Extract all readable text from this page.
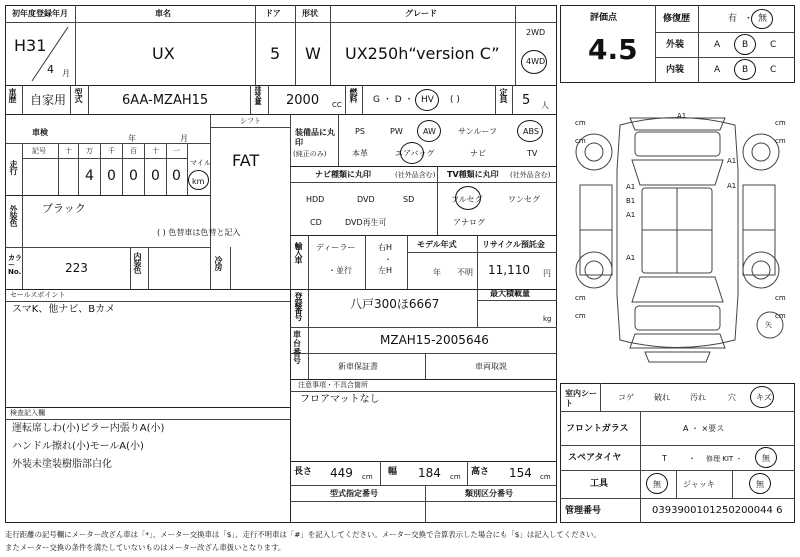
初年度登録年月	車名	ドア	形状	グレード
H31
4 月
UX	5 W UX250h“version C”
2WD
4WD
車歴 自家用 型式	6AA-MZAH15	排気量 2000 CC
燃料 G ・ D ・ HV ( )	定員 5 人
車検
年	月
走行
記号	十 万 千 百 十 一
マイル
4 0 0 0 0 km
シフト
FAT
外装色 ブラック
( ) 色替車は色替と記入
カラーNo.	223	内装色	冷房
装備品に丸印
(純正のみ)
PS	PW	AW	サンルーフ	ABS
本革	エアバッグ	ナビ	TV
ナビ種類に丸印	(社外品含む) TV種類に丸印 (社外品含む)
HDD	DVD	SD
CD	DVD再生可
フルセグ	ワンセグ
アナログ
輸入車 ディーラー
・並行
右H
・
左H
モデル年式
年 不明
リサイクル預託金
11,110 円
セールスポイント
スマK、他ナビ、Bカメ	登録番号	八戸300ほ6667
最大積載量
kg
車台番号
MZAH15-2005646
新車保証書	車両取説
注意事項・不具合箇所
フロアマットなし
検査記入欄
運転席しわ(小)ピラー内張りA(小)
ハンドル擦れ(小)モールA(小)
外装未塗装樹脂部白化
長さ 449 cm 幅 184 cm 高さ 154 cm
型式指定番号	類別区分番号
評価点
4.5
修復歴	有 ・ 無
外装	A B C
内装	A B C
A1
A1
A1
A1
B1
A1
A1
矢
cm
cm
cm
cm
cm
cm
cm
cm
室内シート
コゲ	破れ	汚れ	穴	キズ
フロントガラス	A ・ ×要ス
スペアタイヤ	T	・ 修理 KIT ・ 無
工具	無	ジャッキ	無
管理番号	0393900101250200044 6
走行距離の記号欄にメーター改ざん車は「*」、メーター交換車は「$」、走行不明車は「#」を記入してください。メーター交換で合算表示した場合にも「$」は記入してください。
またメーター交換の条件を満たしていないものはメーター改ざん車扱いとなります。
